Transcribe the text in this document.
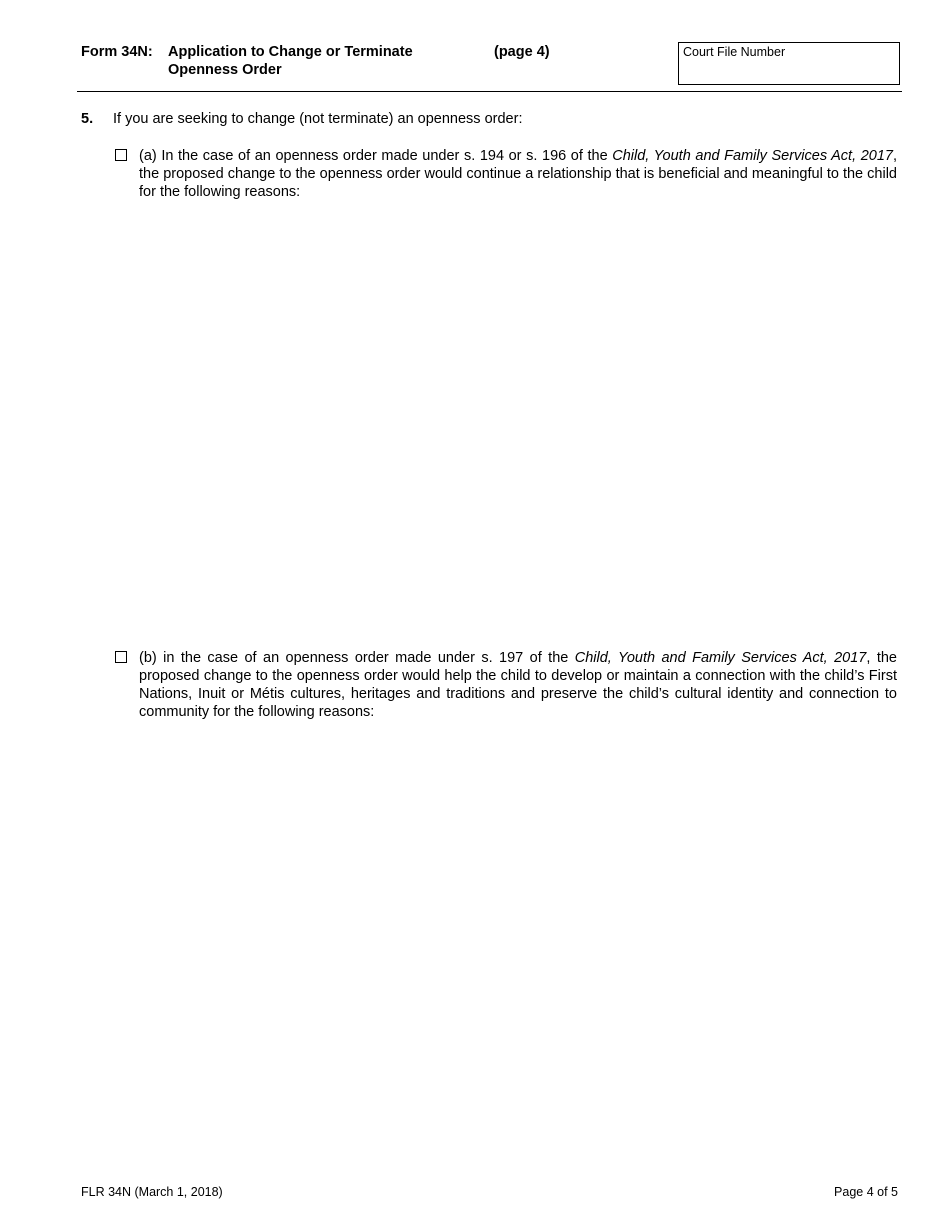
Form 34N: Application to Change or Terminate
Openness Order
(page 4)	Court File Number
5. If you are seeking to change (not terminate) an openness order:
(a) In the case of an openness order made under s. 194 or s. 196 of the Child, Youth and Family Services Act, 2017, the proposed change to the openness order would continue a relationship that is beneficial and meaningful to the child for the following reasons:
(b) in the case of an openness order made under s. 197 of the Child, Youth and Family Services Act, 2017, the proposed change to the openness order would help the child to develop or maintain a connection with the child’s First Nations, Inuit or Métis cultures, heritages and traditions and preserve the child’s cultural identity and connection to community for the following reasons:
FLR 34N (March 1, 2018)	Page 4 of 5
